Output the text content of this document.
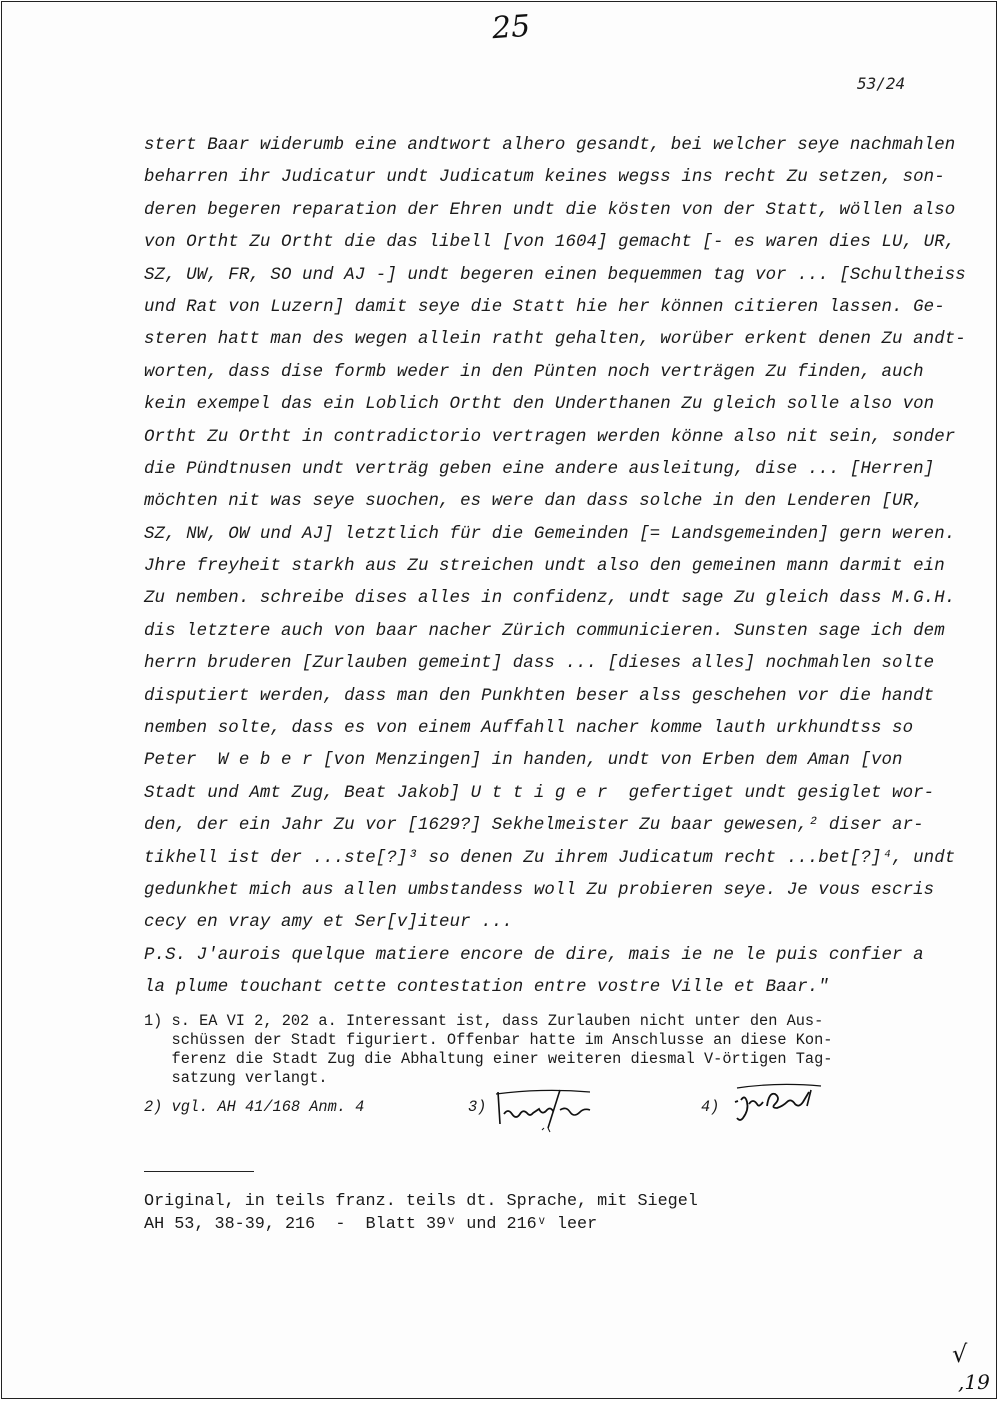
25
53/24
stert Baar widerumb eine andtwort alhero gesandt, bei welcher seye nachmahlen
beharren ihr Judicatur undt Judicatum keines wegss ins recht Zu setzen, son-
deren begeren reparation der Ehren undt die kösten von der Statt, wöllen also
von Ortht Zu Ortht die das libell [von 1604] gemacht [- es waren dies LU, UR,
SZ, UW, FR, SO und AJ -] undt begeren einen bequemmen tag vor ... [Schultheiss
und Rat von Luzern] damit seye die Statt hie her können citieren lassen. Ge-
steren hatt man des wegen allein ratht gehalten, worüber erkent denen Zu andt-
worten, dass dise formb weder in den Pünten noch verträgen Zu finden, auch
kein exempel das ein Loblich Ortht den Underthanen Zu gleich solle also von
Ortht Zu Ortht in contradictorio vertragen werden könne also nit sein, sonder
die Pündtnusen undt verträg geben eine andere ausleitung, dise ... [Herren]
möchten nit was seye suochen, es were dan dass solche in den Lenderen [UR,
SZ, NW, OW und AJ] letztlich für die Gemeinden [= Landsgemeinden] gern weren.
Jhre freyheit starkh aus Zu streichen undt also den gemeinen mann darmit ein
Zu nemben. schreibe dises alles in confidenz, undt sage Zu gleich dass M.G.H.
dis letztere auch von baar nacher Zürich communicieren. Sunsten sage ich dem
herrn bruderen [Zurlauben gemeint] dass ... [dieses alles] nochmahlen solte
disputiert werden, dass man den Punkhten beser alss geschehen vor die handt
nemben solte, dass es von einem Auffahll nacher komme lauth urkhundtss so
Peter  W e b e r [von Menzingen] in handen, undt von Erben dem Aman [von
Stadt und Amt Zug, Beat Jakob] U t t i g e r  gefertiget undt gesiglet wor-
den, der ein Jahr Zu vor [1629?] Sekhelmeister Zu baar gewesen,² diser ar-
tikhell ist der ...ste[?]³ so denen Zu ihrem Judicatum recht ...bet[?]⁴, undt
gedunkhet mich aus allen umbstandess woll Zu probieren seye. Je vous escris
cecy en vray amy et Ser[v]iteur ...
P.S. J'aurois quelque matiere encore de dire, mais ie ne le puis confier a
la plume touchant cette contestation entre vostre Ville et Baar."
1) s. EA VI 2, 202 a. Interessant ist, dass Zurlauben nicht unter den Aus-
schüssen der Stadt figuriert. Offenbar hatte im Anschlusse an diese Kon-
ferenz die Stadt Zug die Abhaltung einer weiteren diesmal V-örtigen Tag-
satzung verlangt.
2) vgl. AH 41/168 Anm. 4	3)	4)
Original, in teils franz. teils dt. Sprache, mit Siegel
AH 53, 38-39, 216  -  Blatt 39ᵛ und 216ᵛ leer
√
,19
